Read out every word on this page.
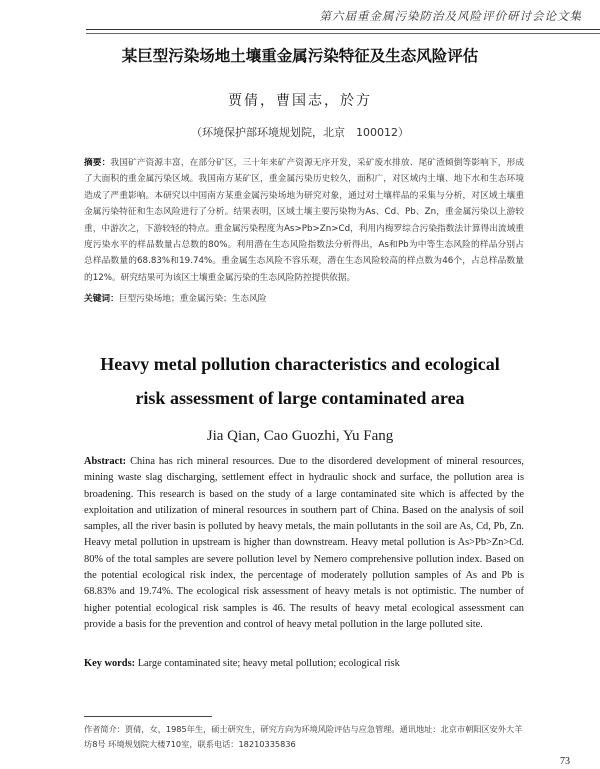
第六届重金属污染防治及风险评价研讨会论文集
某巨型污染场地土壤重金属污染特征及生态风险评估
贾倩，曹国志，於方
（环境保护部环境规划院，北京　100012）

摘要：我国矿产资源丰富，在部分矿区，三十年来矿产资源无序开发，采矿废水排放、尾矿渣倾倒等影响下，形成了大面积的重金属污染区域。我国南方某矿区，重金属污染历史较久，面积广，对区域内土壤、地下水和生态环境造成了严重影响。本研究以中国南方某重金属污染场地为研究对象，通过对土壤样品的采集与分析，对区域土壤重金属污染特征和生态风险进行了分析。结果表明，区域土壤主要污染物为As、Cd、Pb、Zn，重金属污染以上游较重，中游次之，下游较轻的特点。重金属污染程度为As>Pb>Zn>Cd，利用内梅罗综合污染指数法计算得出流域重度污染水平的样品数量占总数的80%。利用潜在生态风险指数法分析得出，As和Pb为中等生态风险的样品分别占总样品数量的68.83%和19.74%。重金属生态风险不容乐观，潜在生态风险较高的样点数为46个，占总样品数量的12%。研究结果可为该区土壤重金属污染的生态风险防控提供依据。

关键词：巨型污染场地；重金属污染；生态风险

Heavy metal pollution characteristics and ecological
risk assessment of large contaminated area
Jia Qian, Cao Guozhi, Yu Fang

Abstract: China has rich mineral resources. Due to the disordered development of mineral resources, mining waste slag discharging, settlement effect in hydraulic shock and surface, the pollution area is broadening. This research is based on the study of a large contaminated site which is affected by the exploitation and utilization of mineral resources in southern part of China. Based on the analysis of soil samples, all the river basin is polluted by heavy metals, the main pollutants in the soil are As, Cd, Pb, Zn. Heavy metal pollution in upstream is higher than downstream. Heavy metal pollution is As>Pb>Zn>Cd. 80% of the total samples are severe pollution level by Nemero comprehensive pollution index. Based on the potential ecological risk index, the percentage of moderately pollution samples of As and Pb is 68.83% and 19.74%. The ecological risk assessment of heavy metals is not optimistic. The number of higher potential ecological risk samples is 46. The results of heavy metal ecological assessment can provide a basis for the prevention and control of heavy metal pollution in the large polluted site.

Key words: Large contaminated site; heavy metal pollution; ecological risk

作者简介：贾倩，女，1985年生，硕士研究生，研究方向为环境风险评估与应急管理。通讯地址：北京市朝阳区安外大羊坊8号 环境规划院大楼710室，联系电话：18210335836

73
